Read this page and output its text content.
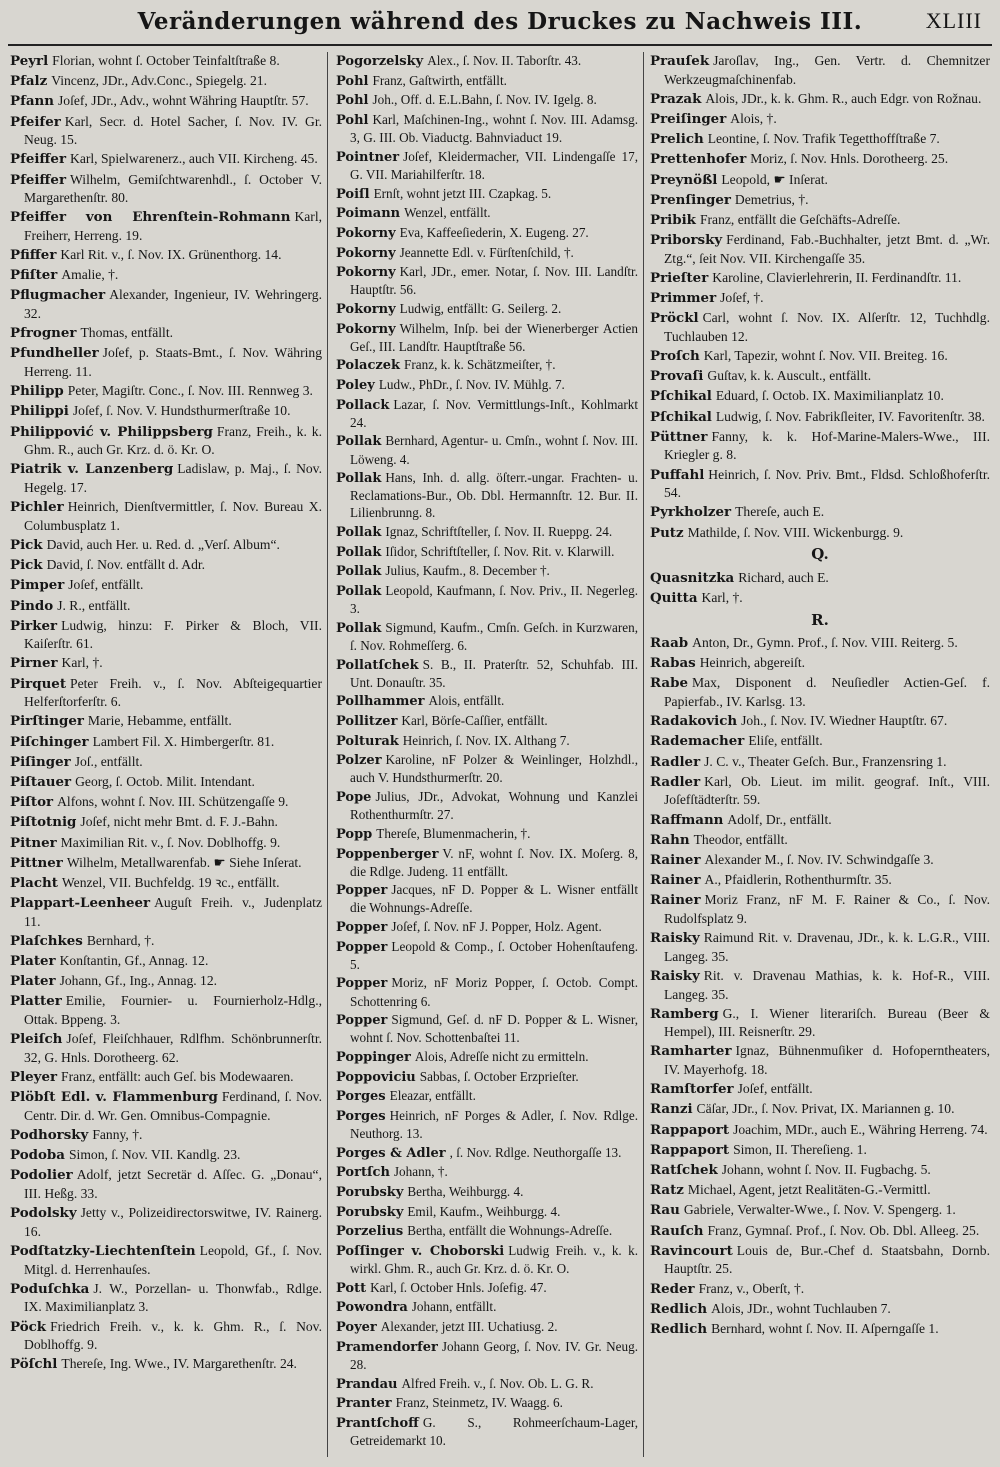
Veränderungen während des Druckes zu Nachweis III.	XLIII
Peyrl Florian, wohnt ſ. October Teinfaltſtraße 8.
Pfalz Vincenz, JDr., Adv.Conc., Spiegelg. 21.
Pfann Joſef, JDr., Adv., wohnt Währing Hauptſtr. 57.
Pfeifer Karl, Secr. d. Hotel Sacher, ſ. Nov. IV. Gr. Neug. 15.
Pfeiffer Karl, Spielwarenerz., auch VII. Kircheng. 45.
Pfeiffer Wilhelm, Gemiſchtwarenhdl., ſ. October V. Margarethenſtr. 80.
Pfeiffer von Ehrenſtein-Rohmann Karl, Freiherr, Herreng. 19.
Pfiffer Karl Rit. v., ſ. Nov. IX. Grünenthorg. 14.
Pfiſter Amalie, †.
Pflugmacher Alexander, Ingenieur, IV. Wehringerg. 32.
Pfrogner Thomas, entfällt.
Pfundheller Joſef, p. Staats-Bmt., ſ. Nov. Währing Herreng. 11.
Philipp Peter, Magiſtr. Conc., ſ. Nov. III. Rennweg 3.
Philippi Joſef, ſ. Nov. V. Hundsthurmerſtraße 10.
Philippović v. Philippsberg Franz, Freih., k. k. Ghm. R., auch Gr. Krz. d. ö. Kr. O.
Piatrik v. Lanzenberg Ladislaw, p. Maj., ſ. Nov. Hegelg. 17.
Pichler Heinrich, Dienſtvermittler, ſ. Nov. Bureau X. Columbusplatz 1.
Pick David, auch Her. u. Red. d. „Verſ. Album“.
Pick David, ſ. Nov. entfällt d. Adr.
Pimper Joſef, entfällt.
Pindo J. R., entfällt.
Pirker Ludwig, hinzu: F. Pirker & Bloch, VII. Kaiſerſtr. 61.
Pirner Karl, †.
Pirquet Peter Freih. v., ſ. Nov. Abſteigequartier Helferſtorferſtr. 6.
Pirſtinger Marie, Hebamme, entfällt.
Piſchinger Lambert Fil. X. Himbergerſtr. 81.
Piſinger Joſ., entfällt.
Piſtauer Georg, ſ. Octob. Milit. Intendant.
Piſtor Alfons, wohnt ſ. Nov. III. Schützengaſſe 9.
Piſtotnig Joſef, nicht mehr Bmt. d. F. J.-Bahn.
Pitner Maximilian Rit. v., ſ. Nov. Doblhoffg. 9.
Pittner Wilhelm, Metallwarenfab. ☛ Siehe Inſerat.
Placht Wenzel, VII. Buchfeldg. 19 ꝛc., entfällt.
Plappart-Leenheer Auguſt Freih. v., Judenplatz 11.
Plaſchkes Bernhard, †.
Plater Konſtantin, Gf., Annag. 12.
Plater Johann, Gf., Ing., Annag. 12.
Platter Emilie, Fournier- u. Fournierholz-Hdlg., Ottak. Bppeng. 3.
Pleiſch Joſef, Fleiſchhauer, Rdlfhm. Schönbrunnerſtr. 32, G. Hnls. Dorotheerg. 62.
Pleyer Franz, entfällt: auch Geſ. bis Modewaaren.
Plöbſt Edl. v. Flammenburg Ferdinand, ſ. Nov. Centr. Dir. d. Wr. Gen. Omnibus-Compagnie.
Podhorsky Fanny, †.
Podoba Simon, ſ. Nov. VII. Kandlg. 23.
Podolier Adolf, jetzt Secretär d. Aſſec. G. „Donau“, III. Heßg. 33.
Podolsky Jetty v., Polizeidirectorswitwe, IV. Rainerg. 16.
Podſtatzky-Liechtenſtein Leopold, Gf., ſ. Nov. Mitgl. d. Herrenhauſes.
Poduſchka J. W., Porzellan- u. Thonwfab., Rdlge. IX. Maximilianplatz 3.
Pöck Friedrich Freih. v., k. k. Ghm. R., ſ. Nov. Doblhoffg. 9.
Pöſchl Thereſe, Ing. Wwe., IV. Margarethenſtr. 24.
Pogorzelsky Alex., ſ. Nov. II. Taborſtr. 43.
Pohl Franz, Gaſtwirth, entfällt.
Pohl Joh., Off. d. E.L.Bahn, ſ. Nov. IV. Igelg. 8.
Pohl Karl, Maſchinen-Ing., wohnt ſ. Nov. III. Adamsg. 3, G. III. Ob. Viaductg. Bahnviaduct 19.
Pointner Joſef, Kleidermacher, VII. Lindengaſſe 17, G. VII. Mariahilferſtr. 18.
Poiſl Ernſt, wohnt jetzt III. Czapkag. 5.
Poimann Wenzel, entfällt.
Pokorny Eva, Kaffeeſiederin, X. Eugeng. 27.
Pokorny Jeannette Edl. v. Fürſtenſchild, †.
Pokorny Karl, JDr., emer. Notar, ſ. Nov. III. Landſtr. Hauptſtr. 56.
Pokorny Ludwig, entfällt: G. Seilerg. 2.
Pokorny Wilhelm, Inſp. bei der Wienerberger Actien Geſ., III. Landſtr. Hauptſtraße 56.
Polaczek Franz, k. k. Schätzmeiſter, †.
Poley Ludw., PhDr., ſ. Nov. IV. Mühlg. 7.
Pollack Lazar, ſ. Nov. Vermittlungs-Inſt., Kohlmarkt 24.
Pollak Bernhard, Agentur- u. Cmſn., wohnt ſ. Nov. III. Löweng. 4.
Pollak Hans, Inh. d. allg. öſterr.-ungar. Frachten- u. Reclamations-Bur., Ob. Dbl. Hermannſtr. 12. Bur. II. Lilienbrunng. 8.
Pollak Ignaz, Schriftſteller, ſ. Nov. II. Rueppg. 24.
Pollak Iſidor, Schriftſteller, ſ. Nov. Rit. v. Klarwill.
Pollak Julius, Kaufm., 8. December †.
Pollak Leopold, Kaufmann, ſ. Nov. Priv., II. Negerleg. 3.
Pollak Sigmund, Kaufm., Cmſn. Geſch. in Kurzwaren, ſ. Nov. Rohmeſſerg. 6.
Pollatſchek S. B., II. Praterſtr. 52, Schuhfab. III. Unt. Donauſtr. 35.
Pollhammer Alois, entfällt.
Pollitzer Karl, Börſe-Caſſier, entfällt.
Polturak Heinrich, ſ. Nov. IX. Althang 7.
Polzer Karoline, nF Polzer & Weinlinger, Holzhdl., auch V. Hundsthurmerſtr. 20.
Pope Julius, JDr., Advokat, Wohnung und Kanzlei Rothenthurmſtr. 27.
Popp Thereſe, Blumenmacherin, †.
Poppenberger V. nF, wohnt ſ. Nov. IX. Moſerg. 8, die Rdlge. Judeng. 11 entfällt.
Popper Jacques, nF D. Popper & L. Wisner entfällt die Wohnungs-Adreſſe.
Popper Joſef, ſ. Nov. nF J. Popper, Holz. Agent.
Popper Leopold & Comp., ſ. October Hohenſtaufeng. 5.
Popper Moriz, nF Moriz Popper, ſ. Octob. Compt. Schottenring 6.
Popper Sigmund, Geſ. d. nF D. Popper & L. Wisner, wohnt ſ. Nov. Schottenbaſtei 11.
Poppinger Alois, Adreſſe nicht zu ermitteln.
Poppoviciu Sabbas, ſ. October Erzprieſter.
Porges Eleazar, entfällt.
Porges Heinrich, nF Porges & Adler, ſ. Nov. Rdlge. Neuthorg. 13.
Porges & Adler , ſ. Nov. Rdlge. Neuthorgaſſe 13.
Portſch Johann, †.
Porubsky Bertha, Weihburgg. 4.
Porubsky Emil, Kaufm., Weihburgg. 4.
Porzelius Bertha, entfällt die Wohnungs-Adreſſe.
Poſſinger v. Choborski Ludwig Freih. v., k. k. wirkl. Ghm. R., auch Gr. Krz. d. ö. Kr. O.
Pott Karl, ſ. October Hnls. Joſefig. 47.
Powondra Johann, entfällt.
Poyer Alexander, jetzt III. Uchatiusg. 2.
Pramendorfer Johann Georg, ſ. Nov. IV. Gr. Neug. 28.
Prandau Alfred Freih. v., ſ. Nov. Ob. L. G. R.
Pranter Franz, Steinmetz, IV. Waagg. 6.
Prantſchoff G. S., Rohmeerſchaum-Lager, Getreidemarkt 10.
Prauſek Jaroſlav, Ing., Gen. Vertr. d. Chemnitzer Werkzeugmaſchinenfab.
Prazak Alois, JDr., k. k. Ghm. R., auch Edgr. von Rožnau.
Preiſinger Alois, †.
Prelich Leontine, ſ. Nov. Trafik Tegetthoffſtraße 7.
Prettenhofer Moriz, ſ. Nov. Hnls. Dorotheerg. 25.
Preynößl Leopold, ☛ Inſerat.
Prenſinger Demetrius, †.
Pribik Franz, entfällt die Geſchäfts-Adreſſe.
Priborsky Ferdinand, Fab.-Buchhalter, jetzt Bmt. d. „Wr. Ztg.“, ſeit Nov. VII. Kirchengaſſe 35.
Prieſter Karoline, Clavierlehrerin, II. Ferdinandſtr. 11.
Primmer Joſef, †.
Pröckl Carl, wohnt ſ. Nov. IX. Alſerſtr. 12, Tuchhdlg. Tuchlauben 12.
Proſch Karl, Tapezir, wohnt ſ. Nov. VII. Breiteg. 16.
Provaſi Guſtav, k. k. Auscult., entfällt.
Pſchikal Eduard, ſ. Octob. IX. Maximilianplatz 10.
Pſchikal Ludwig, ſ. Nov. Fabrikſleiter, IV. Favoritenſtr. 38.
Püttner Fanny, k. k. Hof-Marine-Malers-Wwe., III. Kriegler g. 8.
Puffahl Heinrich, ſ. Nov. Priv. Bmt., Fldsd. Schloßhoferſtr. 54.
Pyrkholzer Thereſe, auch E.
Putz Mathilde, ſ. Nov. VIII. Wickenburgg. 9.
Q.
Quasnitzka Richard, auch E.
Quitta Karl, †.
R.
Raab Anton, Dr., Gymn. Prof., ſ. Nov. VIII. Reiterg. 5.
Rabas Heinrich, abgereiſt.
Rabe Max, Disponent d. Neuſiedler Actien-Geſ. f. Papierfab., IV. Karlsg. 13.
Radakovich Joh., ſ. Nov. IV. Wiedner Hauptſtr. 67.
Rademacher Eliſe, entfällt.
Radler J. C. v., Theater Geſch. Bur., Franzensring 1.
Radler Karl, Ob. Lieut. im milit. geograf. Inſt., VIII. Joſefſtädterſtr. 59.
Raffmann Adolf, Dr., entfällt.
Rahn Theodor, entfällt.
Rainer Alexander M., ſ. Nov. IV. Schwindgaſſe 3.
Rainer A., Pfaidlerin, Rothenthurmſtr. 35.
Rainer Moriz Franz, nF M. F. Rainer & Co., ſ. Nov. Rudolfsplatz 9.
Raisky Raimund Rit. v. Dravenau, JDr., k. k. L.G.R., VIII. Langeg. 35.
Raisky Rit. v. Dravenau Mathias, k. k. Hof-R., VIII. Langeg. 35.
Ramberg G., I. Wiener literariſch. Bureau (Beer & Hempel), III. Reisnerſtr. 29.
Ramharter Ignaz, Bühnenmuſiker d. Hofoperntheaters, IV. Mayerhofg. 18.
Ramſtorfer Joſef, entfällt.
Ranzi Cäſar, JDr., ſ. Nov. Privat, IX. Mariannen g. 10.
Rappaport Joachim, MDr., auch E., Währing Herreng. 74.
Rappaport Simon, II. Thereſieng. 1.
Ratſchek Johann, wohnt ſ. Nov. II. Fugbachg. 5.
Ratz Michael, Agent, jetzt Realitäten-G.-Vermittl.
Rau Gabriele, Verwalter-Wwe., ſ. Nov. V. Spengerg. 1.
Rauſch Franz, Gymnaſ. Prof., ſ. Nov. Ob. Dbl. Alleeg. 25.
Ravincourt Louis de, Bur.-Chef d. Staatsbahn, Dornb. Hauptſtr. 25.
Reder Franz, v., Oberſt, †.
Redlich Alois, JDr., wohnt Tuchlauben 7.
Redlich Bernhard, wohnt ſ. Nov. II. Aſperngaſſe 1.
